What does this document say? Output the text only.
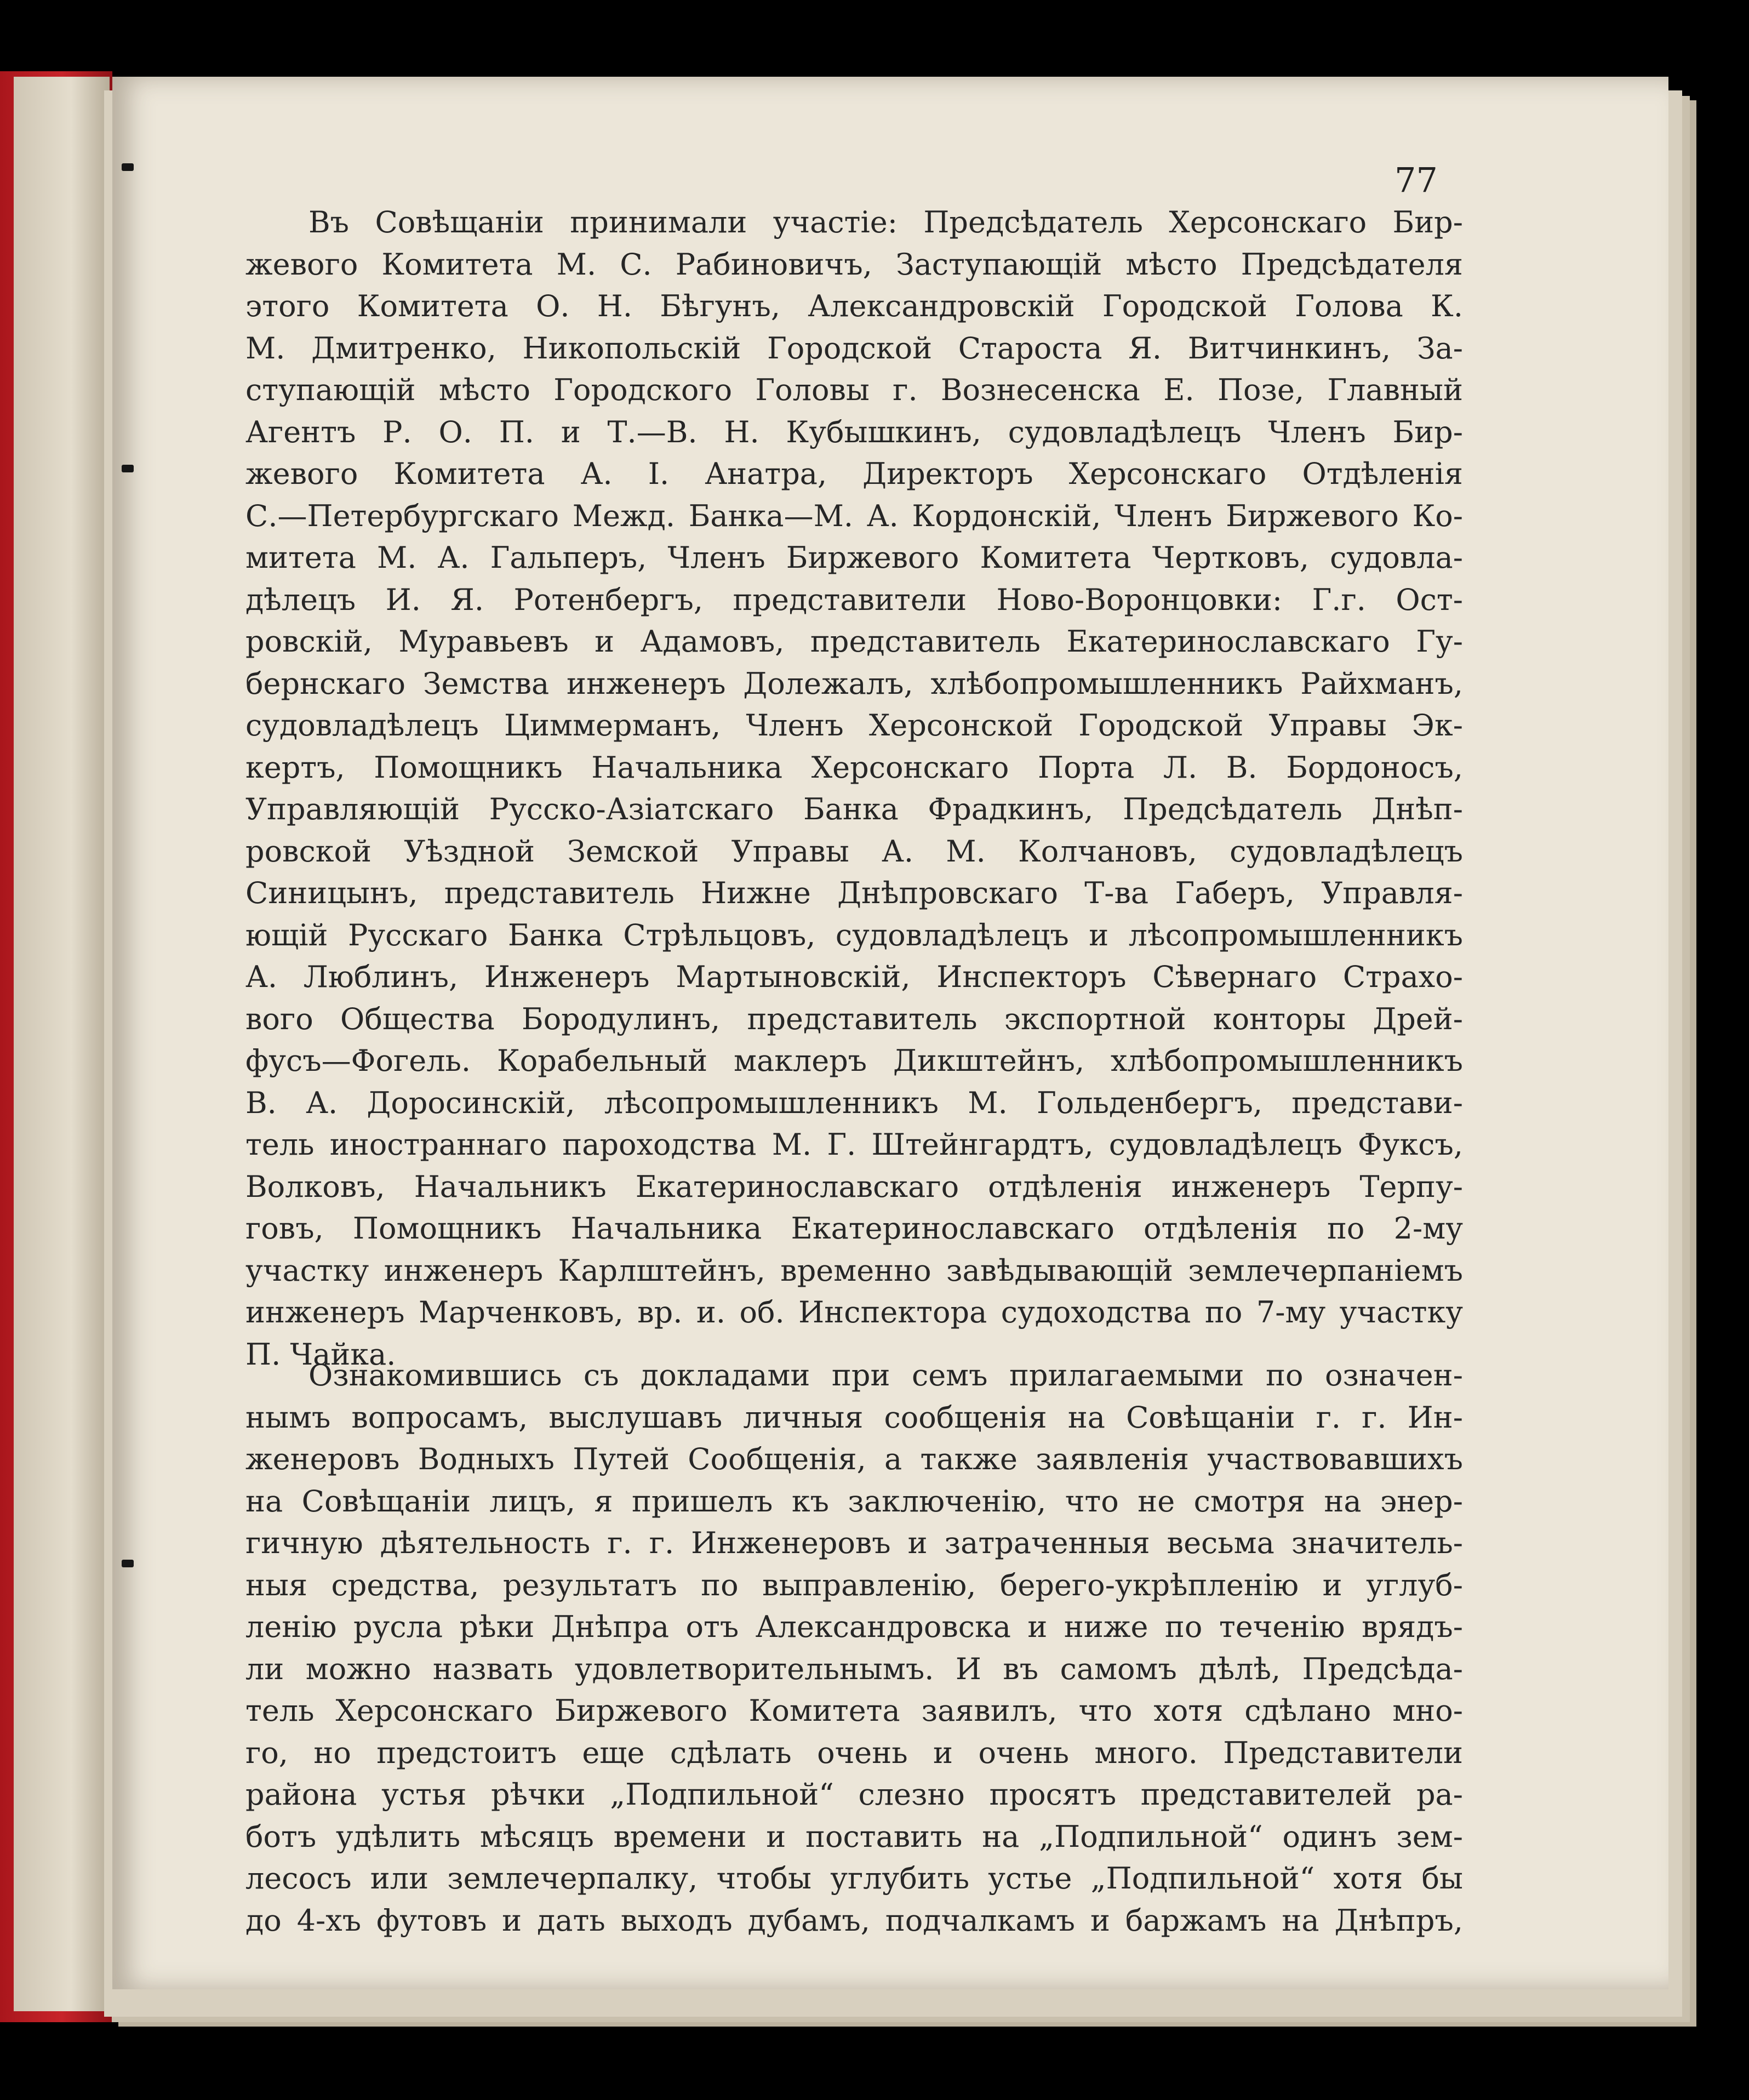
77
Въ Совѣщаніи принимали участіе: Предсѣдатель Херсонскаго Бир-
жевого Комитета М. С. Рабиновичъ, Заступающій мѣсто Предсѣдателя
этого Комитета О. Н. Бѣгунъ, Александровскій Городской Голова К.
М. Дмитренко, Никопольскій Городской Староста Я. Витчинкинъ, За-
ступающій мѣсто Городского Головы г. Вознесенска Е. Позе, Главный
Агентъ Р. О. П. и Т.—В. Н. Кубышкинъ, судовладѣлецъ Членъ Бир-
жевого Комитета А. І. Анатра, Директоръ Херсонскаго Отдѣленія
С.—Петербургскаго Межд. Банка—М. А. Кордонскій, Членъ Биржевого Ко-
митета М. А. Гальперъ, Членъ Биржевого Комитета Чертковъ, судовла-
дѣлецъ И. Я. Ротенбергъ, представители Ново-Воронцовки: Г.г. Ост-
ровскій, Муравьевъ и Адамовъ, представитель Екатеринославскаго Гу-
бернскаго Земства инженеръ Долежалъ, хлѣбопромышленникъ Райхманъ,
судовладѣлецъ Циммерманъ, Членъ Херсонской Городской Управы Эк-
кертъ, Помощникъ Начальника Херсонскаго Порта Л. В. Бордоносъ,
Управляющій Русско-Азіатскаго Банка Фрадкинъ, Предсѣдатель Днѣп-
ровской Уѣздной Земской Управы А. М. Колчановъ, судовладѣлецъ
Синицынъ, представитель Нижне Днѣпровскаго Т-ва Габеръ, Управля-
ющій Русскаго Банка Стрѣльцовъ, судовладѣлецъ и лѣсопромышленникъ
А. Люблинъ, Инженеръ Мартыновскій, Инспекторъ Сѣвернаго Страхо-
вого Общества Бородулинъ, представитель экспортной конторы Дрей-
фусъ—Фогель. Корабельный маклеръ Дикштейнъ, хлѣбопромышленникъ
В. А. Доросинскій, лѣсопромышленникъ М. Гольденбергъ, представи-
тель иностраннаго пароходства М. Г. Штейнгардтъ, судовладѣлецъ Фуксъ,
Волковъ, Начальникъ Екатеринославскаго отдѣленія инженеръ Терпу-
говъ, Помощникъ Начальника Екатеринославскаго отдѣленія по 2-му
участку инженеръ Карлштейнъ, временно завѣдывающій землечерпаніемъ
инженеръ Марченковъ, вр. и. об. Инспектора судоходства по 7-му участку
П. Чайка.
Ознакомившись съ докладами при семъ прилагаемыми по означен-
нымъ вопросамъ, выслушавъ личныя сообщенія на Совѣщаніи г. г. Ин-
женеровъ Водныхъ Путей Сообщенія, а также заявленія участвовавшихъ
на Совѣщаніи лицъ, я пришелъ къ заключенію, что не смотря на энер-
гичную дѣятельность г. г. Инженеровъ и затраченныя весьма значитель-
ныя средства, результатъ по выправленію, берего-укрѣпленію и углуб-
ленію русла рѣки Днѣпра отъ Александровска и ниже по теченію врядъ-
ли можно назвать удовлетворительнымъ. И въ самомъ дѣлѣ, Предсѣда-
тель Херсонскаго Биржевого Комитета заявилъ, что хотя сдѣлано мно-
го, но предстоитъ еще сдѣлать очень и очень много. Представители
района устья рѣчки „Подпильной“ слезно просятъ представителей ра-
ботъ удѣлить мѣсяцъ времени и поставить на „Подпильной“ одинъ зем-
лесосъ или землечерпалку, чтобы углубить устье „Подпильной“ хотя бы
до 4-хъ футовъ и дать выходъ дубамъ, подчалкамъ и баржамъ на Днѣпръ,
